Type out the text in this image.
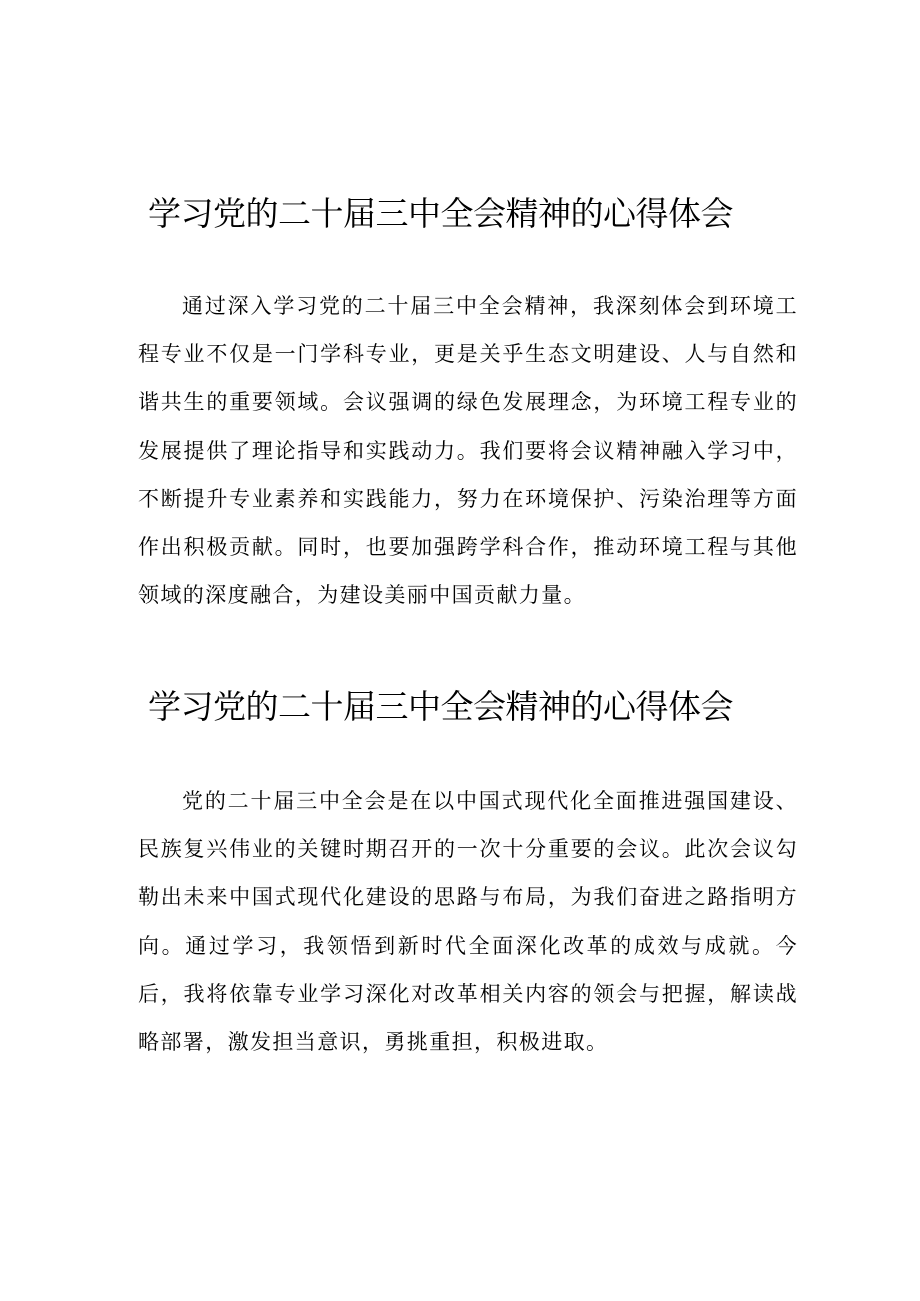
学习党的二十届三中全会精神的心得体会

通过深入学习党的二十届三中全会精神，我深刻体会到环境工程专业不仅是一门学科专业，更是关乎生态文明建设、人与自然和谐共生的重要领域。会议强调的绿色发展理念，为环境工程专业的发展提供了理论指导和实践动力。我们要将会议精神融入学习中，不断提升专业素养和实践能力，努力在环境保护、污染治理等方面作出积极贡献。同时，也要加强跨学科合作，推动环境工程与其他领域的深度融合，为建设美丽中国贡献力量。

学习党的二十届三中全会精神的心得体会

党的二十届三中全会是在以中国式现代化全面推进强国建设、民族复兴伟业的关键时期召开的一次十分重要的会议。此次会议勾勒出未来中国式现代化建设的思路与布局，为我们奋进之路指明方向。通过学习，我领悟到新时代全面深化改革的成效与成就。今后，我将依靠专业学习深化对改革相关内容的领会与把握，解读战略部署，激发担当意识，勇挑重担，积极进取。
